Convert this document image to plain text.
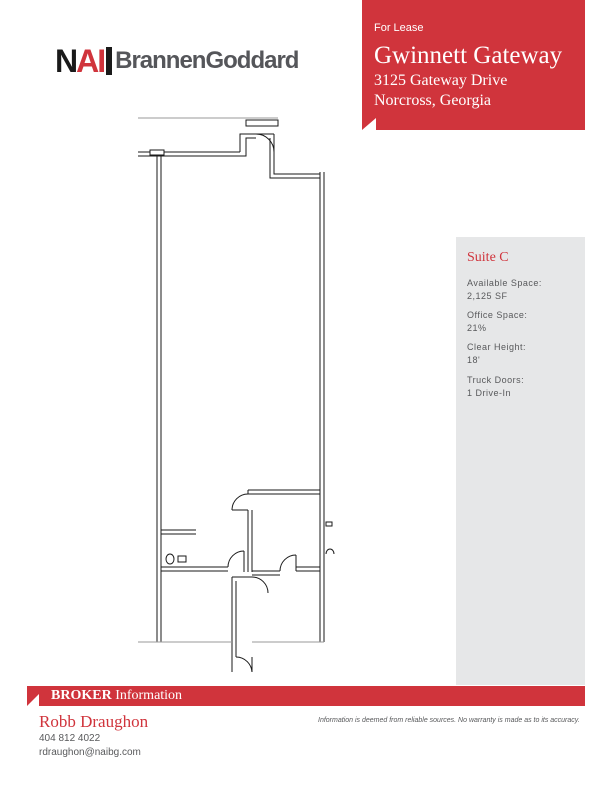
NAI BrannenGoddard
For Lease
Gwinnett Gateway
3125 Gateway Drive
Norcross, Georgia
Suite C
Available Space:
2,125 SF
Office Space:
21%
Clear Height:
18'
Truck Doors:
1 Drive-In
BROKER Information
Robb Draughon
404 812 4022
rdraughon@naibg.com
Information is deemed from reliable sources. No warranty is made as to its accuracy.
